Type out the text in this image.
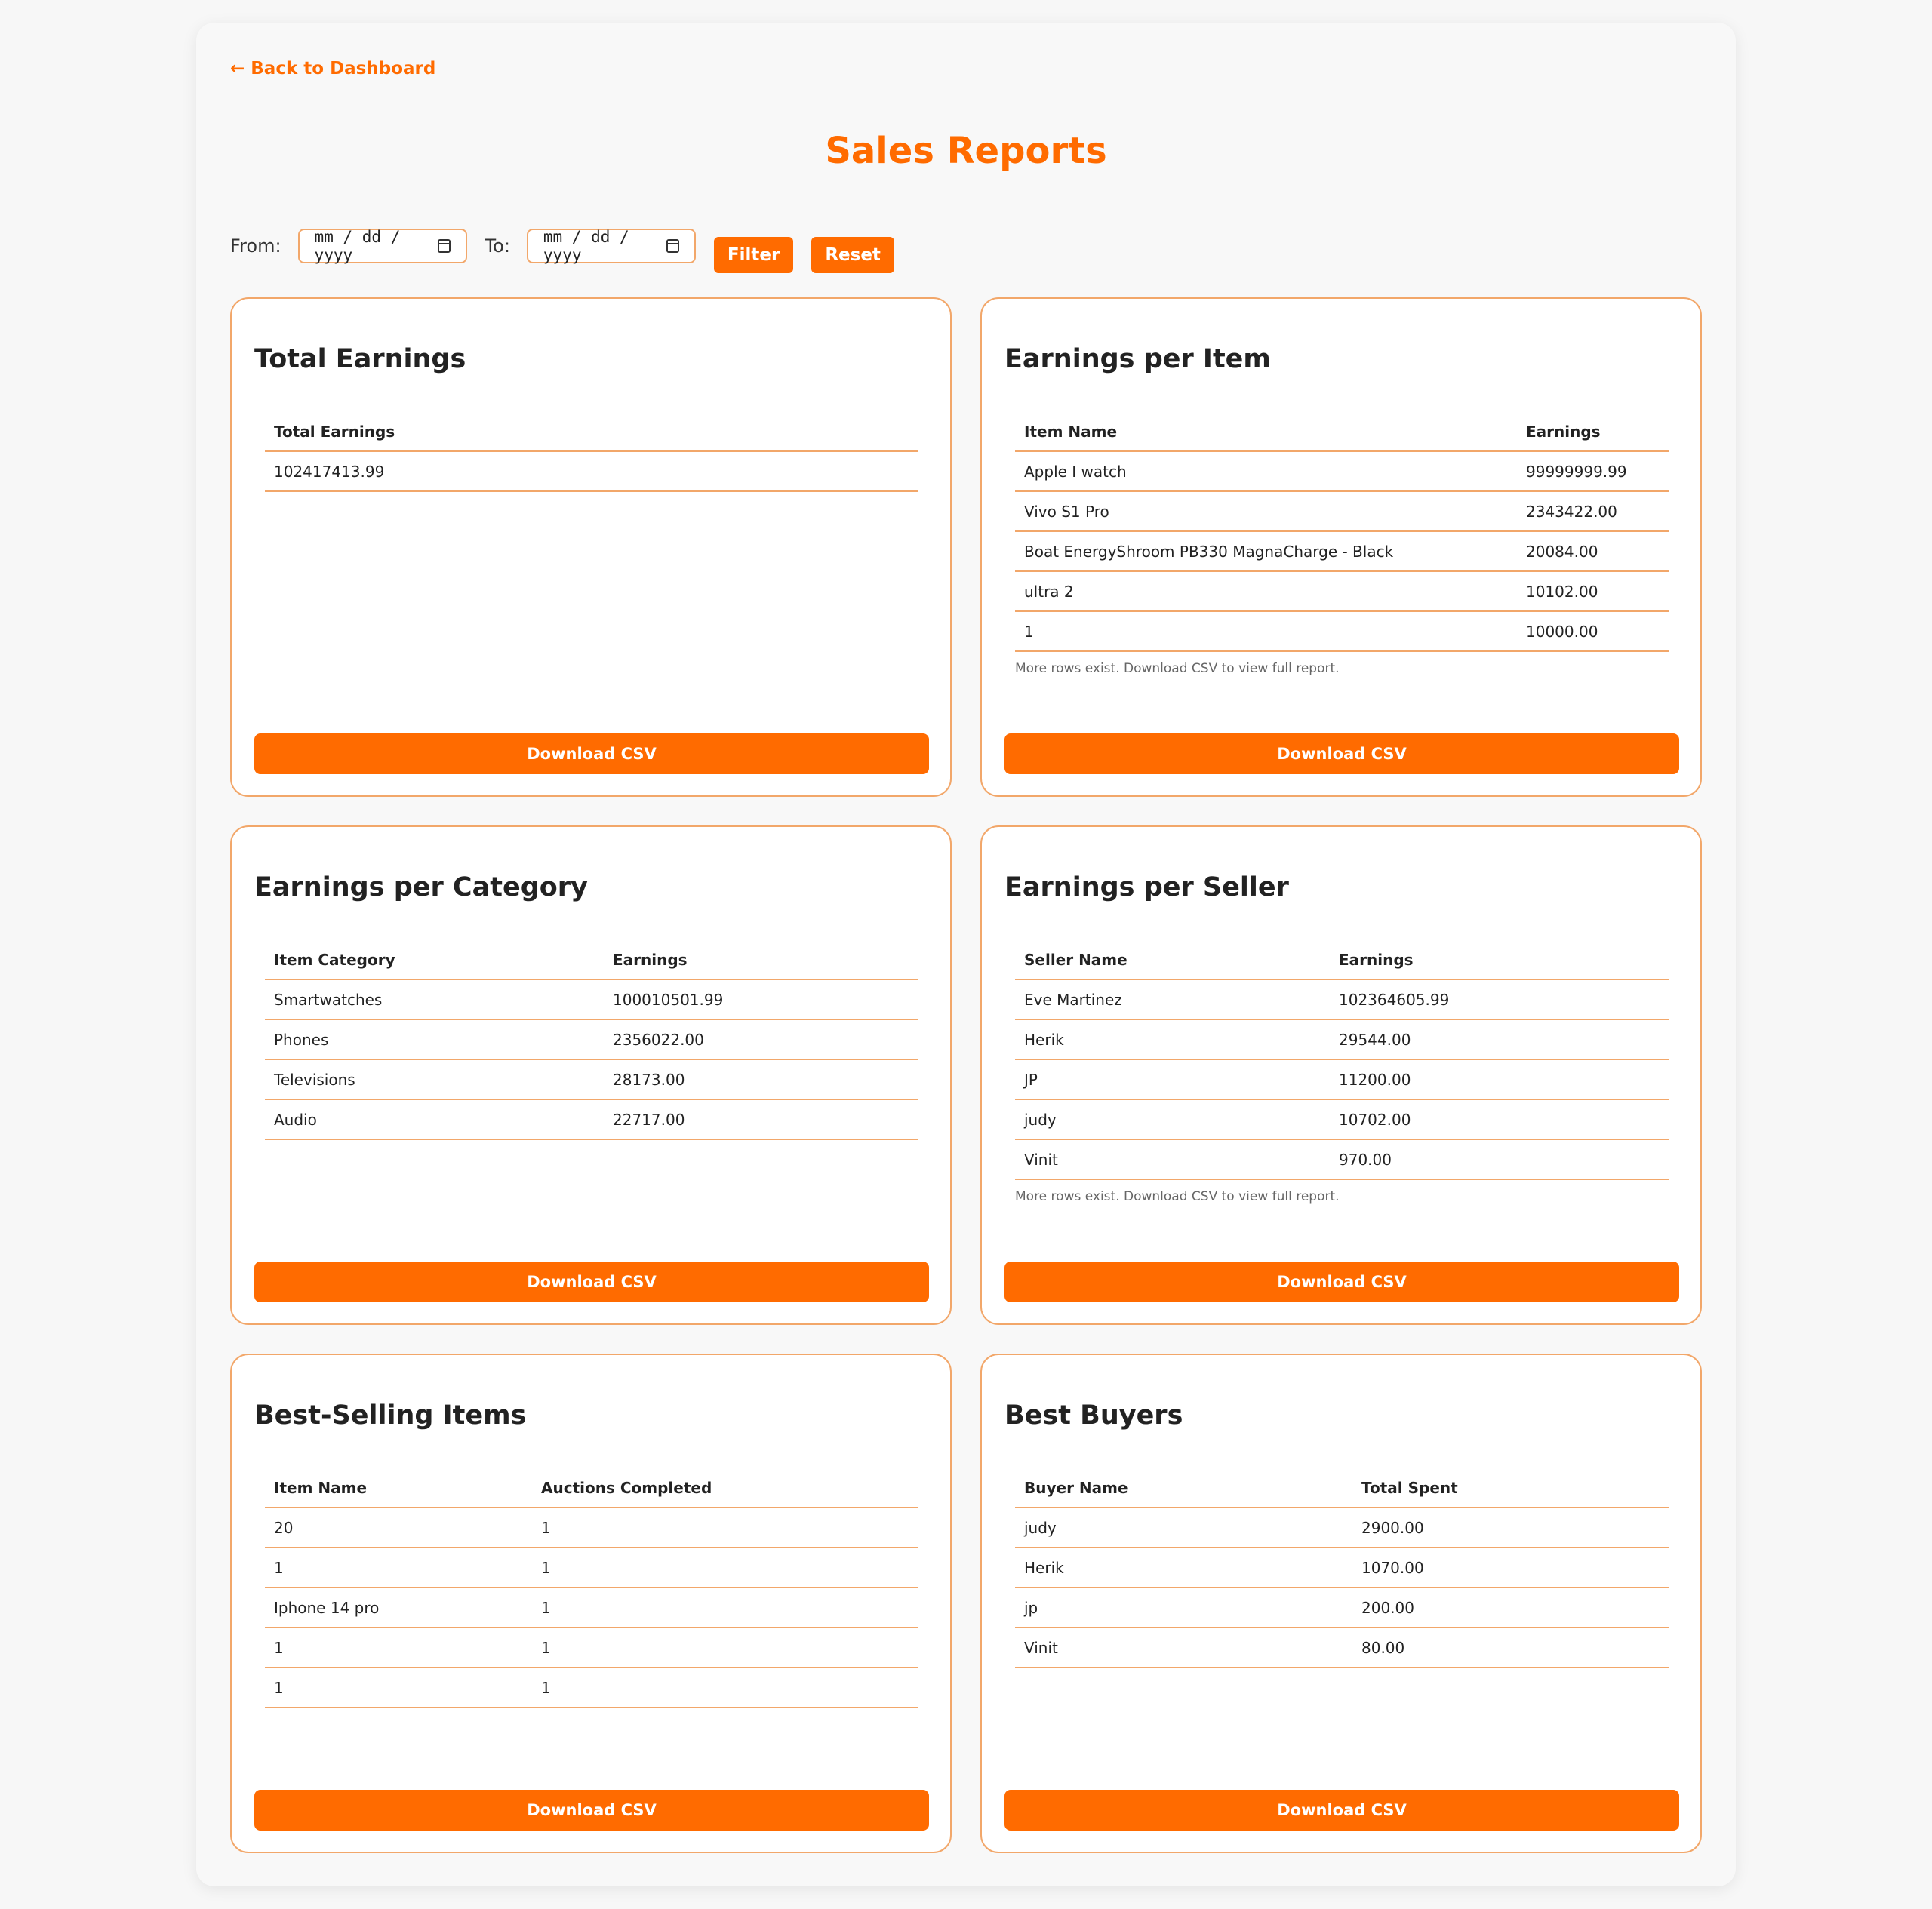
← Back to Dashboard
Sales Reports
From: mm / dd / yyyy	To: mm / dd / yyyy	Filter	Reset
Total Earnings
Total Earnings
102417413.99
Download CSV
Earnings per Item
Item Name	Earnings
Apple I watch	99999999.99
Vivo S1 Pro	2343422.00
Boat EnergyShroom PB330 MagnaCharge - Black	20084.00
ultra 2	10102.00
1	10000.00
More rows exist. Download CSV to view full report.
Download CSV
Earnings per Category
Item Category	Earnings
Smartwatches	100010501.99
Phones	2356022.00
Televisions	28173.00
Audio	22717.00
Download CSV
Earnings per Seller
Seller Name	Earnings
Eve Martinez	102364605.99
Herik	29544.00
JP	11200.00
judy	10702.00
Vinit	970.00
More rows exist. Download CSV to view full report.
Download CSV
Best-Selling Items
Item Name	Auctions Completed
20	1
1	1
Iphone 14 pro	1
1	1
1	1
Download CSV
Best Buyers
Buyer Name	Total Spent
judy	2900.00
Herik	1070.00
jp	200.00
Vinit	80.00
Download CSV
